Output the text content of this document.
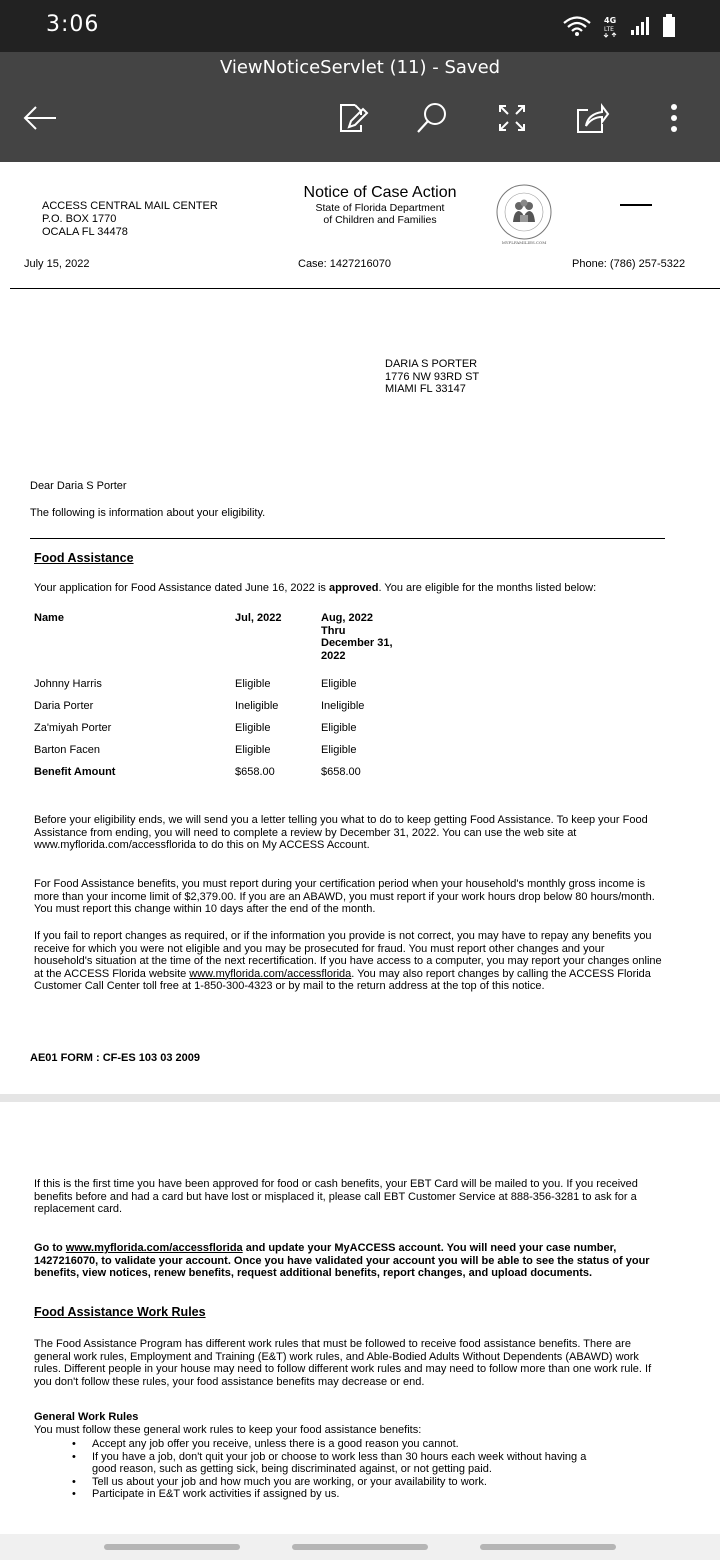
3:06	4G
LTE
ViewNoticeServlet (11) - Saved
ACCESS CENTRAL MAIL CENTER
P.O. BOX 1770
OCALA FL 34478
Notice of Case Action
State of Florida Department
of Children and Families
MYFLFAMILIES.COM
July 15, 2022	Case: 1427216070	Phone: (786) 257-5322
DARIA S PORTER
1776 NW 93RD ST
MIAMI FL 33147
Dear Daria S Porter
The following is information about your eligibility.
Food Assistance
Your application for Food Assistance dated June 16, 2022 is approved. You are eligible for the months listed below:
Name	Jul, 2022	Aug, 2022
Thru
December 31,
2022
Johnny Harris	Eligible	Eligible
Daria Porter	Ineligible	Ineligible
Za'miyah Porter	Eligible	Eligible
Barton Facen	Eligible	Eligible
Benefit Amount	$658.00	$658.00
Before your eligibility ends, we will send you a letter telling you what to do to keep getting Food Assistance. To keep your Food Assistance from ending, you will need to complete a review by December 31, 2022. You can use the web site at www.myflorida.com/accessflorida to do this on My ACCESS Account.
For Food Assistance benefits, you must report during your certification period when your household's monthly gross income is more than your income limit of $2,379.00. If you are an ABAWD, you must report if your work hours drop below 80 hours/month. You must report this change within 10 days after the end of the month.
If you fail to report changes as required, or if the information you provide is not correct, you may have to repay any benefits you receive for which you were not eligible and you may be prosecuted for fraud. You must report other changes and your household's situation at the time of the next recertification. If you have access to a computer, you may report your changes online at the ACCESS Florida website www.myflorida.com/accessflorida. You may also report changes by calling the ACCESS Florida Customer Call Center toll free at 1-850-300-4323 or by mail to the return address at the top of this notice.
AE01 FORM : CF-ES 103 03 2009
If this is the first time you have been approved for food or cash benefits, your EBT Card will be mailed to you. If you received benefits before and had a card but have lost or misplaced it, please call EBT Customer Service at 888-356-3281 to ask for a replacement card.
Go to www.myflorida.com/accessflorida and update your MyACCESS account. You will need your case number, 1427216070, to validate your account. Once you have validated your account you will be able to see the status of your benefits, view notices, renew benefits, request additional benefits, report changes, and upload documents.
Food Assistance Work Rules
The Food Assistance Program has different work rules that must be followed to receive food assistance benefits. There are general work rules, Employment and Training (E&T) work rules, and Able-Bodied Adults Without Dependents (ABAWD) work rules. Different people in your house may need to follow different work rules and may need to follow more than one work rule. If you don't follow these rules, your food assistance benefits may decrease or end.
General Work Rules
You must follow these general work rules to keep your food assistance benefits:
• Accept any job offer you receive, unless there is a good reason you cannot.
• If you have a job, don't quit your job or choose to work less than 30 hours each week without having a good reason, such as getting sick, being discriminated against, or not getting paid.
• Tell us about your job and how much you are working, or your availability to work.
• Participate in E&T work activities if assigned by us.
